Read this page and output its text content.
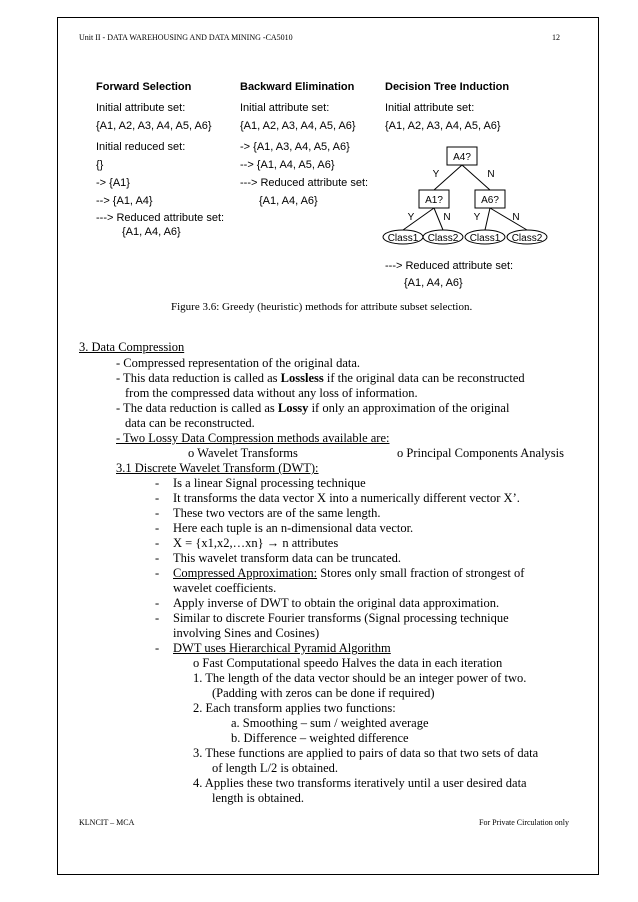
Unit II - DATA WAREHOUSING AND DATA MINING -CA5010	12
Forward Selection
Initial attribute set:
{A1, A2, A3, A4, A5, A6}
Initial reduced set:
{}
-> {A1}
--> {A1, A4}
---> Reduced attribute set:
{A1, A4, A6}
Backward Elimination
Initial attribute set:
{A1, A2, A3, A4, A5, A6}
-> {A1, A3, A4, A5, A6}
--> {A1, A4, A5, A6}
---> Reduced attribute set:
{A1, A4, A6}
Decision Tree Induction
Initial attribute set:
{A1, A2, A3, A4, A5, A6}
A4?
A1?	A6?
Y	N
Y	N Y	N
Class1 Class2 Class1 Class2
---> Reduced attribute set:
{A1, A4, A6}
Figure 3.6: Greedy (heuristic) methods for attribute subset selection.
3. Data Compression
- Compressed representation of the original data.
- This data reduction is called as Lossless if the original data can be reconstructed
from the compressed data without any loss of information.
- The data reduction is called as Lossy if only an approximation of the original
data can be reconstructed.
- Two Lossy Data Compression methods available are:
o Wavelet Transforms	o Principal Components Analysis
3.1 Discrete Wavelet Transform (DWT):
- Is a linear Signal processing technique
- It transforms the data vector X into a numerically different vector X’.
- These two vectors are of the same length.
- Here each tuple is an n-dimensional data vector.
- X = {x1,x2,…xn} → n attributes
- This wavelet transform data can be truncated.
- Compressed Approximation: Stores only small fraction of strongest of
wavelet coefficients.
- Apply inverse of DWT to obtain the original data approximation.
- Similar to discrete Fourier transforms (Signal processing technique
involving Sines and Cosines)
- DWT uses Hierarchical Pyramid Algorithm
o Fast Computational speedo Halves the data in each iteration
1. The length of the data vector should be an integer power of two.
(Padding with zeros can be done if required)
2. Each transform applies two functions:
a. Smoothing – sum / weighted average
b. Difference – weighted difference
3. These functions are applied to pairs of data so that two sets of data
of length L/2 is obtained.
4. Applies these two transforms iteratively until a user desired data
length is obtained.
KLNCIT – MCA	For Private Circulation only
